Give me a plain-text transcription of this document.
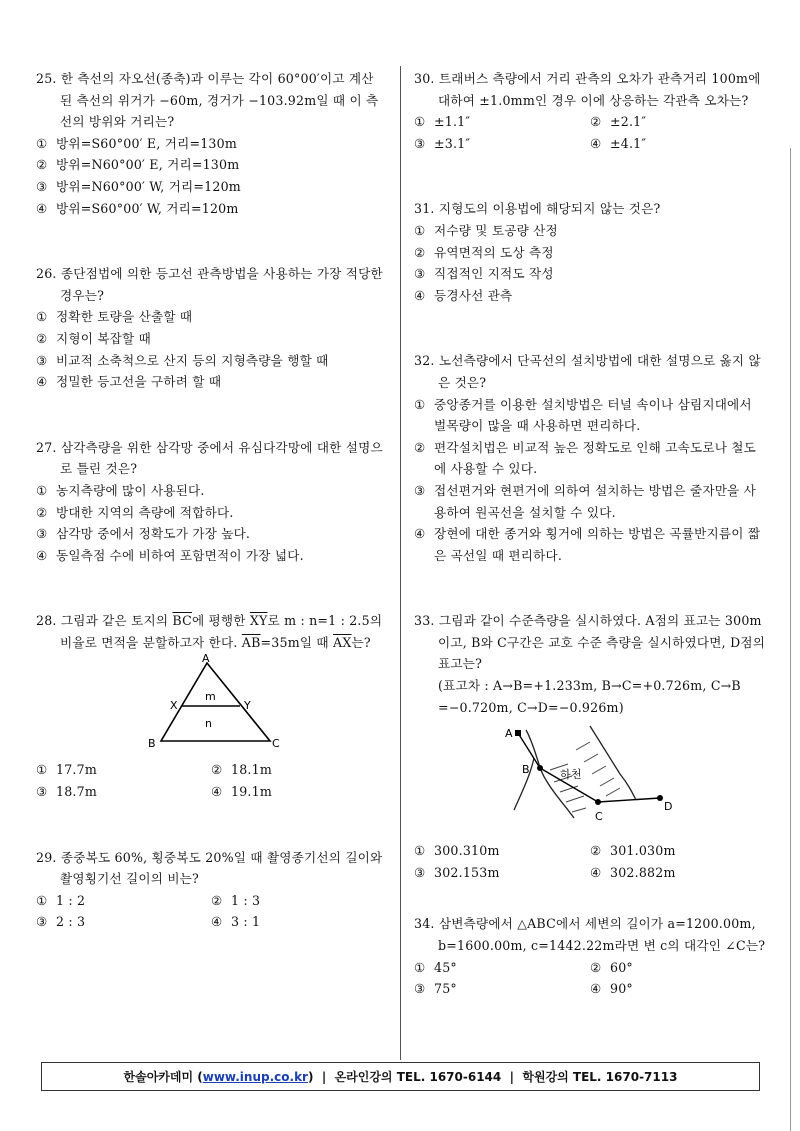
25. 한 측선의 자오선(종축)과 이루는 각이 60°00′이고 계산된 측선의 위거가 −60m, 경거가 −103.92m일 때 이 측선의 방위와 거리는?

① 방위=S60°00′ E, 거리=130m

② 방위=N60°00′ E, 거리=130m

③ 방위=N60°00′ W, 거리=120m

④ 방위=S60°00′ W, 거리=120m

26. 종단점법에 의한 등고선 관측방법을 사용하는 가장 적당한 경우는?

① 정확한 토량을 산출할 때

② 지형이 복잡할 때

③ 비교적 소축척으로 산지 등의 지형측량을 행할 때

④ 정밀한 등고선을 구하려 할 때

27. 삼각측량을 위한 삼각망 중에서 유심다각망에 대한 설명으로 틀린 것은?

① 농지측량에 많이 사용된다.

② 방대한 지역의 측량에 적합하다.

③ 삼각망 중에서 정확도가 가장 높다.

④ 동일측점 수에 비하여 포함면적이 가장 넓다.

28. 그림과 같은 토지의 $\overline{BC}$에 평행한 $\overline{XY}$로 m : n=1 : 2.5의 비율로 면적을 분할하고자 한다. $\overline{AB}=35m$일 때 $\overline{AX}$는?

A
B	C
X	Y
m
n

① 17.7m	② 18.1m

③ 18.7m	④ 19.1m

29. 종중복도 60%, 횡중복도 20%일 때 촬영종기선의 길이와 촬영횡기선 길이의 비는?

① 1 : 2	② 1 : 3

③ 2 : 3	④ 3 : 1

30. 트래버스 측량에서 거리 관측의 오차가 관측거리 100m에 대하여 ±1.0mm인 경우 이에 상응하는 각관측 오차는?

① ±1.1″	② ±2.1″

③ ±3.1″	④ ±4.1″

31. 지형도의 이용법에 해당되지 않는 것은?

① 저수량 및 토공량 산정

② 유역면적의 도상 측정

③ 직접적인 지적도 작성

④ 등경사선 관측

32. 노선측량에서 단곡선의 설치방법에 대한 설명으로 옳지 않은 것은?

① 중앙종거를 이용한 설치방법은 터널 속이나 삼림지대에서 벌목량이 많을 때 사용하면 편리하다.

② 편각설치법은 비교적 높은 정확도로 인해 고속도로나 철도에 사용할 수 있다.

③ 접선편거와 현편거에 의하여 설치하는 방법은 줄자만을 사용하여 원곡선을 설치할 수 있다.

④ 장현에 대한 종거와 횡거에 의하는 방법은 곡률반지름이 짧은 곡선일 때 편리하다.

33. 그림과 같이 수준측량을 실시하였다. A점의 표고는 300m이고, B와 C구간은 교호 수준 측량을 실시하였다면, D점의 표고는?

(표고차 : A→B=+1.233m, B→C=+0.726m, C→B =−0.720m, C→D=−0.926m)

A
B
C
D
하천

① 300.310m	② 301.030m

③ 302.153m	④ 302.882m

34. 삼변측량에서 △ABC에서 세변의 길이가 a=1200.00m, b=1600.00m, c=1442.22m라면 변 c의 대각인 ∠C는?

① 45°	② 60°

③ 75°	④ 90°

한솔아카데미 ( www.inup.co.kr )
|
온라인강의 TEL. 1670-6144
|
학원강의 TEL. 1670-7113
